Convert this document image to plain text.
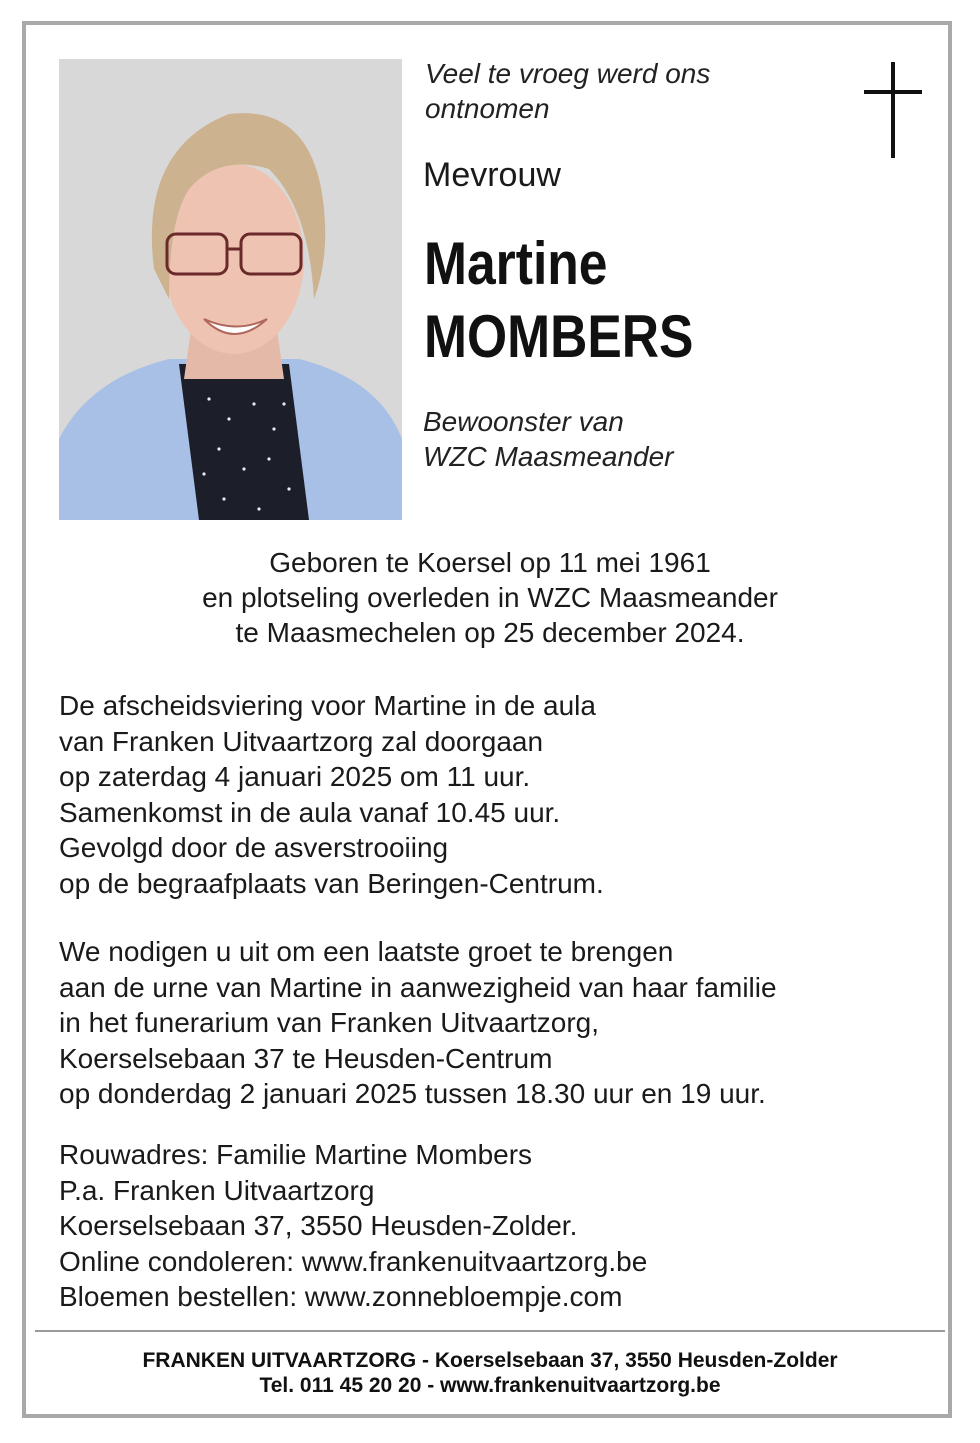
Veel te vroeg werd ons
ontnomen
Mevrouw
Martine
MOMBERS
Bewoonster van
WZC Maasmeander
Geboren te Koersel op 11 mei 1961
en plotseling overleden in WZC Maasmeander
te Maasmechelen op 25 december 2024.
De afscheidsviering voor Martine in de aula
van Franken Uitvaartzorg zal doorgaan
op zaterdag 4 januari 2025 om 11 uur.
Samenkomst in de aula vanaf 10.45 uur.
Gevolgd door de asverstrooiing
op de begraafplaats van Beringen-Centrum.
We nodigen u uit om een laatste groet te brengen
aan de urne van Martine in aanwezigheid van haar familie
in het funerarium van Franken Uitvaartzorg,
Koerselsebaan 37 te Heusden-Centrum
op donderdag 2 januari 2025 tussen 18.30 uur en 19 uur.
Rouwadres: Familie Martine Mombers
P.a. Franken Uitvaartzorg
Koerselsebaan 37, 3550 Heusden-Zolder.
Online condoleren: www.frankenuitvaartzorg.be
Bloemen bestellen: www.zonnebloempje.com
FRANKEN UITVAARTZORG - Koerselsebaan 37, 3550 Heusden-Zolder
Tel. 011 45 20 20 - www.frankenuitvaartzorg.be
